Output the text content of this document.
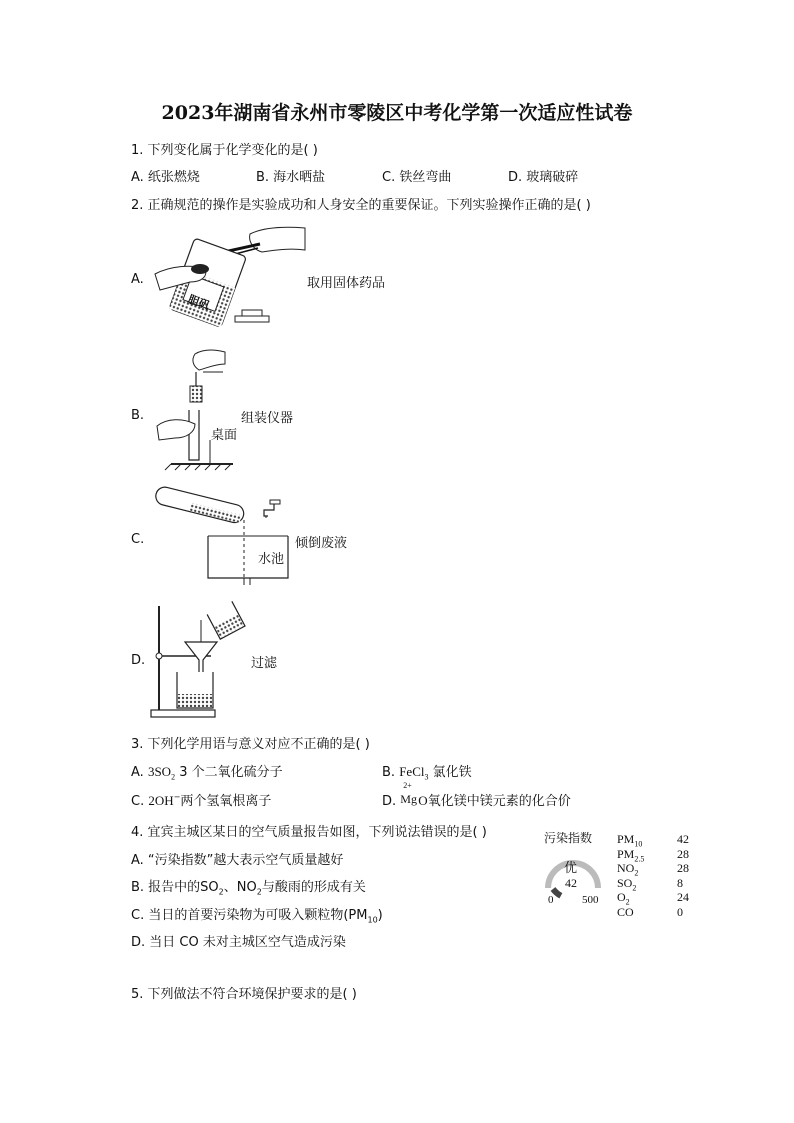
2023年湖南省永州市零陵区中考化学第一次适应性试卷
1. 下列变化属于化学变化的是( )
A. 纸张燃烧	B. 海水晒盐	C. 铁丝弯曲	D. 玻璃破碎
2. 正确规范的操作是实验成功和人身安全的重要保证。下列实验操作正确的是( )
A.
胆矾
取用固体药品
B.
桌面
组装仪器
C.
水池
倾倒废液
D.	过滤
3. 下列化学用语与意义对应不正确的是( )
A. $3SO_2$ 3 个二氧化硫分子	B. FeCl$_3$ 氯化铁
C. 2OH−两个氢氧根离子	D.
2+
Mg O氧化镁中镁元素的化合价
4. 宜宾主城区某日的空气质量报告如图，下列说法错误的是( )
A. “污染指数”越大表示空气质量越好
B. 报告中的$SO_2$、$NO_2$与酸雨的形成有关
C. 当日的首要污染物为可吸入颗粒物$(PM_{10})$
D. 当日 CO 未对主城区空气造成污染
污染指数
优
42
0	500
$PM_{10}$	42
$PM_{2.5}$	28
$NO_2$	28
$SO_2$	8
$O_2$	24
CO	0
5. 下列做法不符合环境保护要求的是( )
